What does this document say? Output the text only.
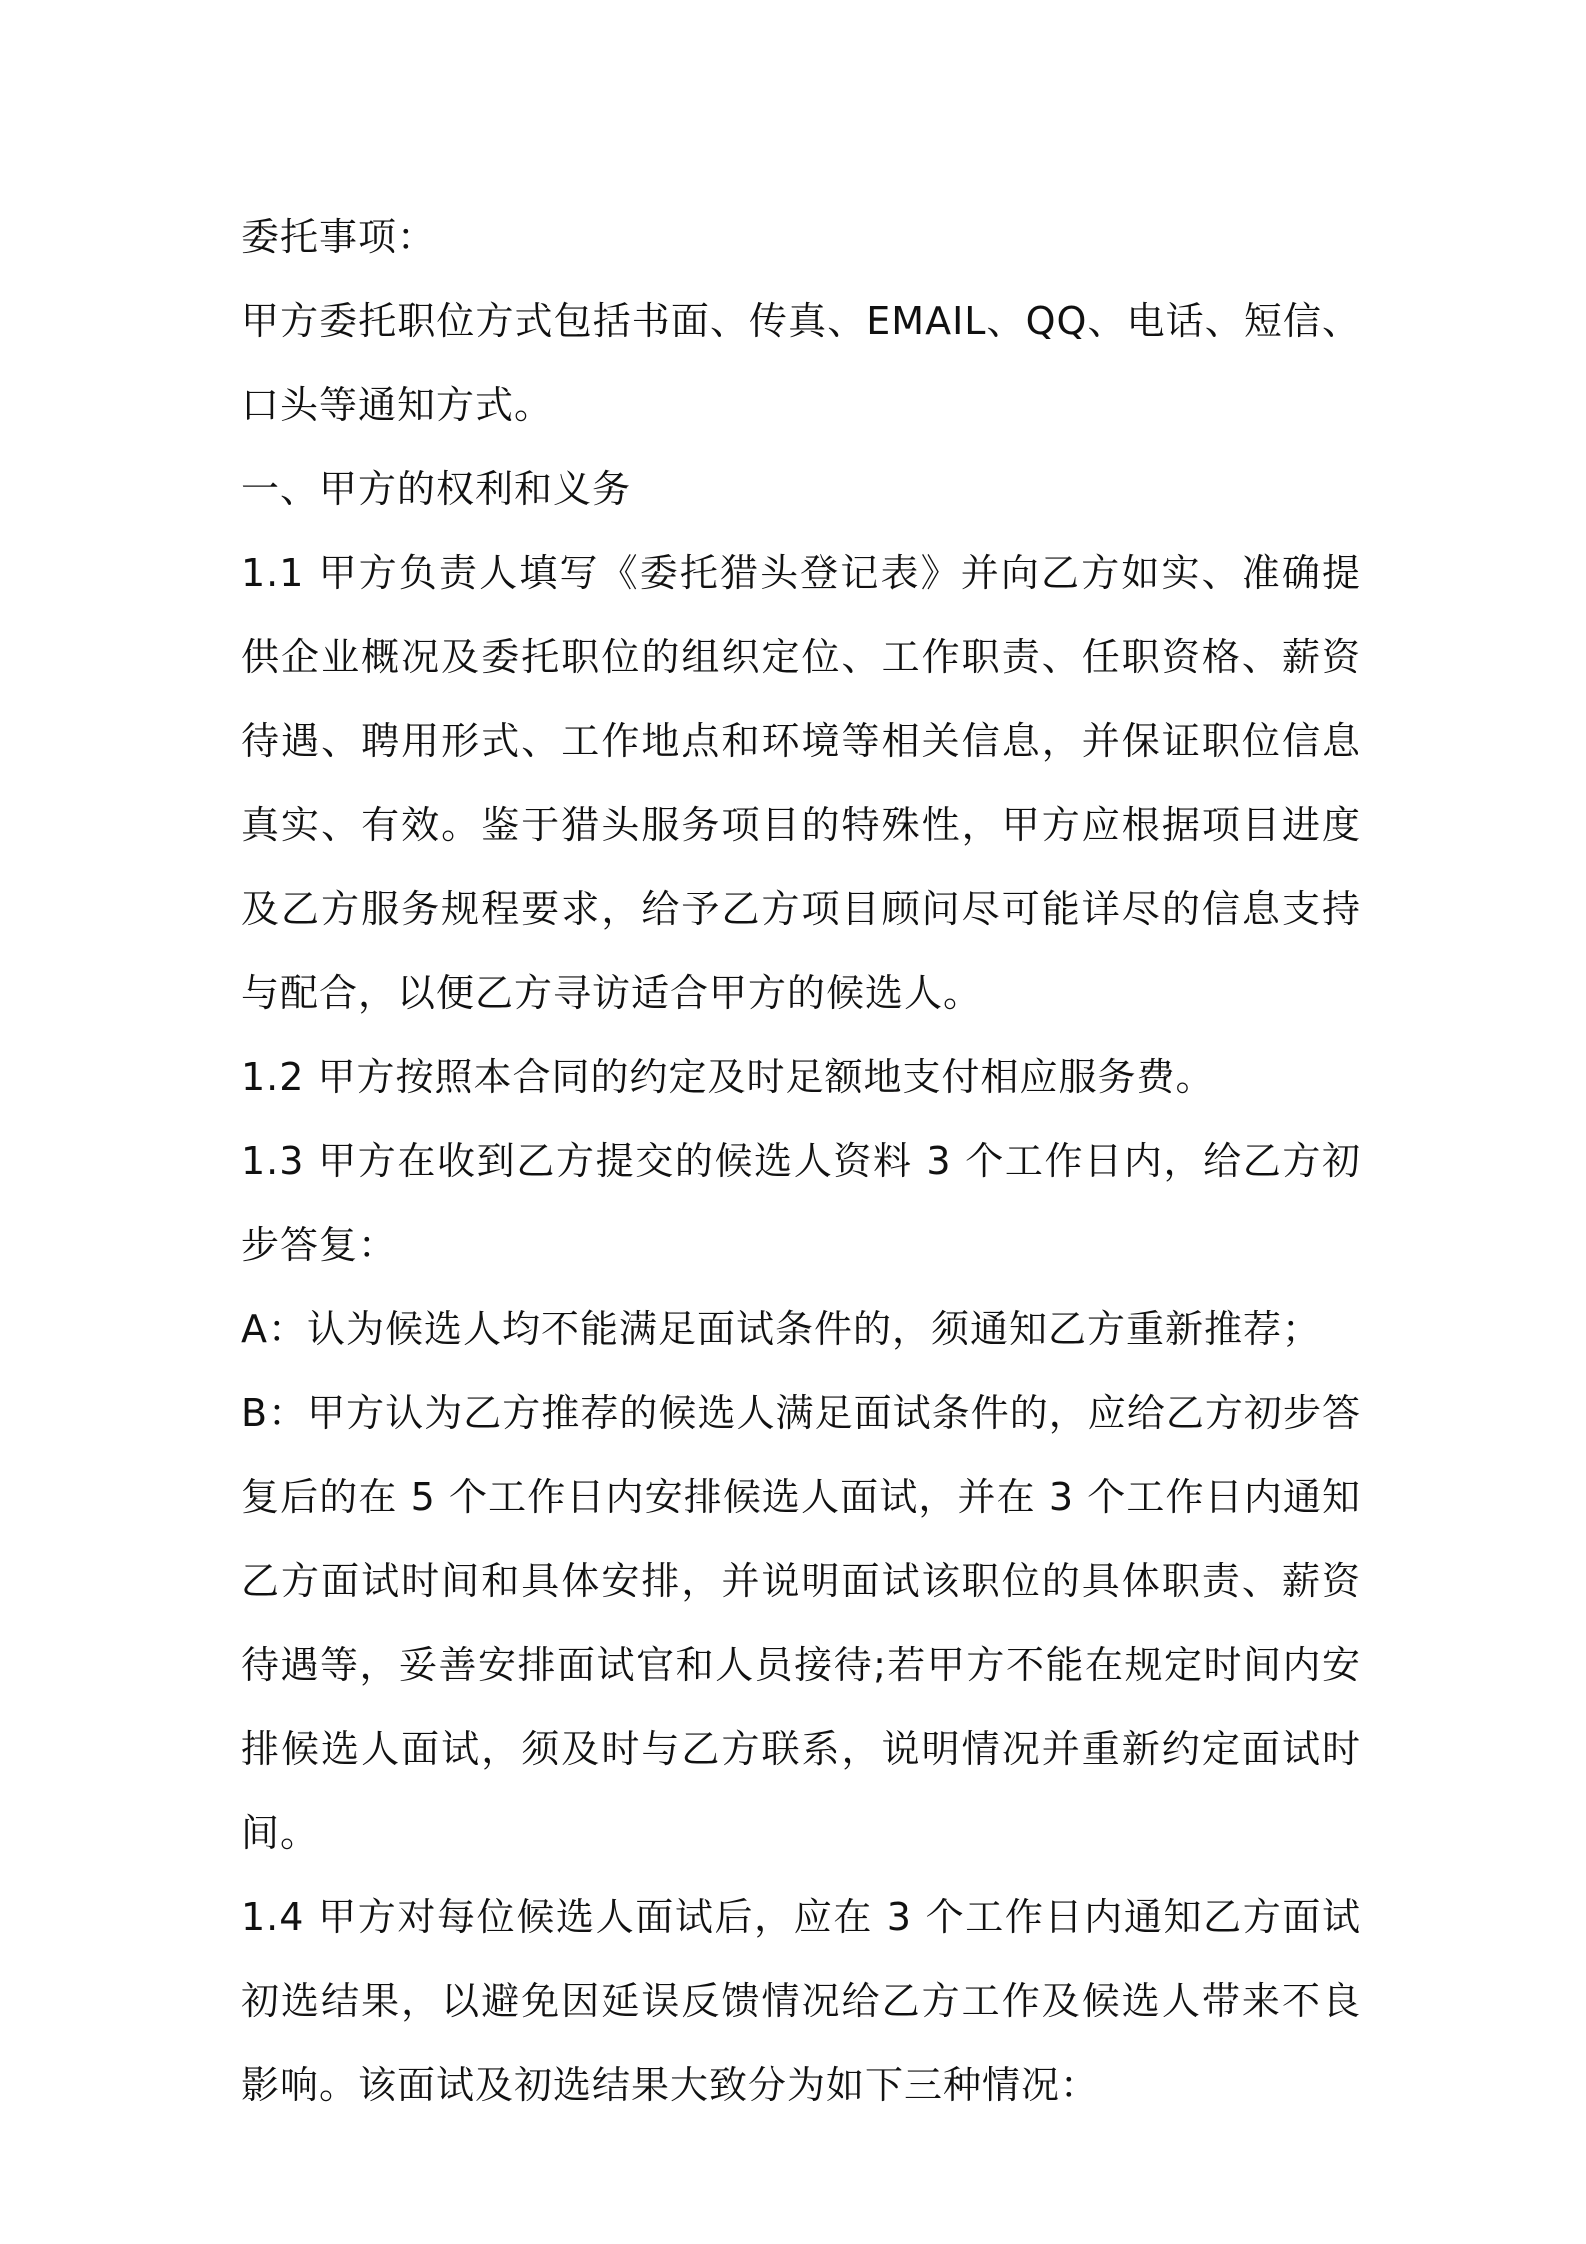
委托事项：

甲方委托职位方式包括书面、传真、EMAIL、QQ、电话、短信、口头等通知方式。

一、甲方的权利和义务

1.1 甲方负责人填写《委托猎头登记表》并向乙方如实、准确提供企业概况及委托职位的组织定位、工作职责、任职资格、薪资待遇、聘用形式、工作地点和环境等相关信息，并保证职位信息真实、有效。鉴于猎头服务项目的特殊性，甲方应根据项目进度及乙方服务规程要求，给予乙方项目顾问尽可能详尽的信息支持与配合，以便乙方寻访适合甲方的候选人。

1.2 甲方按照本合同的约定及时足额地支付相应服务费。

1.3 甲方在收到乙方提交的候选人资料 3 个工作日内，给乙方初步答复：

A：认为候选人均不能满足面试条件的，须通知乙方重新推荐；

B：甲方认为乙方推荐的候选人满足面试条件的，应给乙方初步答复后的在 5 个工作日内安排候选人面试，并在 3 个工作日内通知乙方面试时间和具体安排，并说明面试该职位的具体职责、薪资待遇等，妥善安排面试官和人员接待;若甲方不能在规定时间内安排候选人面试，须及时与乙方联系，说明情况并重新约定面试时间。

1.4 甲方对每位候选人面试后，应在 3 个工作日内通知乙方面试初选结果，以避免因延误反馈情况给乙方工作及候选人带来不良影响。该面试及初选结果大致分为如下三种情况：
